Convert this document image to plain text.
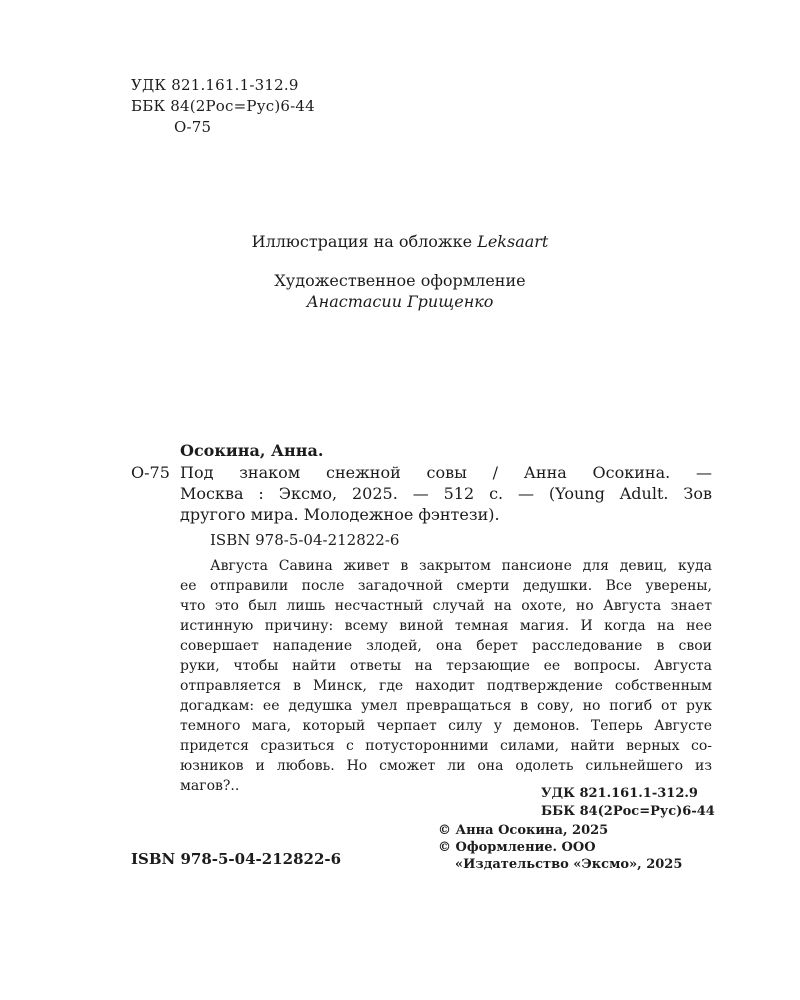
УДК 821.161.1-312.9
ББК 84(2Рос=Рус)6-44
О-75
Иллюстрация на обложке Leksaart
Художественное оформление
Анастасии Грищенко
Осокина, Анна.
О-75 Под знаком снежной совы / Анна Осокина. —
Москва : Эксмо, 2025. — 512 с. — (Young Adult. Зов
другого мира. Молодежное фэнтези).
ISBN 978-5-04-212822-6
Августа Савина живет в закрытом пансионе для девиц, куда
ее отправили после загадочной смерти дедушки. Все уверены,
что это был лишь несчастный случай на охоте, но Августа знает
истинную причину: всему виной темная магия. И когда на нее
совершает нападение злодей, она берет расследование в свои
руки, чтобы найти ответы на терзающие ее вопросы. Августа
отправляется в Минск, где находит подтверждение собственным
догадкам: ее дедушка умел превращаться в сову, но погиб от рук
темного мага, который черпает силу у демонов. Теперь Августе
придется сразиться с потусторонними силами, найти верных со-
юзников и любовь. Но сможет ли она одолеть сильнейшего из
магов?..	УДК 821.161.1-312.9
ББК 84(2Рос=Рус)6-44
© Анна Осокина, 2025
© Оформление. ООО
«Издательство «Эксмо», 2025
ISBN 978-5-04-212822-6
